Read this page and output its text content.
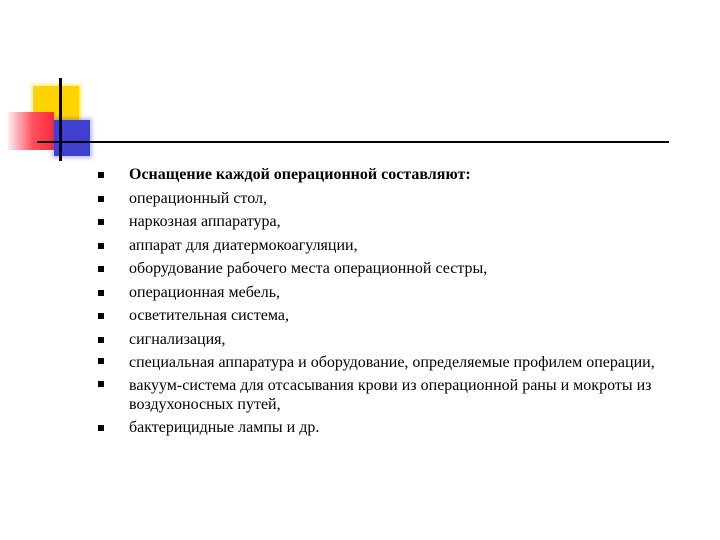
Оснащение каждой операционной составляют:
операционный стол,
наркозная аппаратура,
аппарат для диатермокоагуляции,
оборудование рабочего места операционной сестры,
операционная мебель,
осветительная система,
сигнализация,
специальная аппаратура и оборудование, определяемые профилем операции,
вакуум-система для отсасывания крови из операционной раны и мокроты из воздухоносных путей,
бактерицидные лампы и др.
